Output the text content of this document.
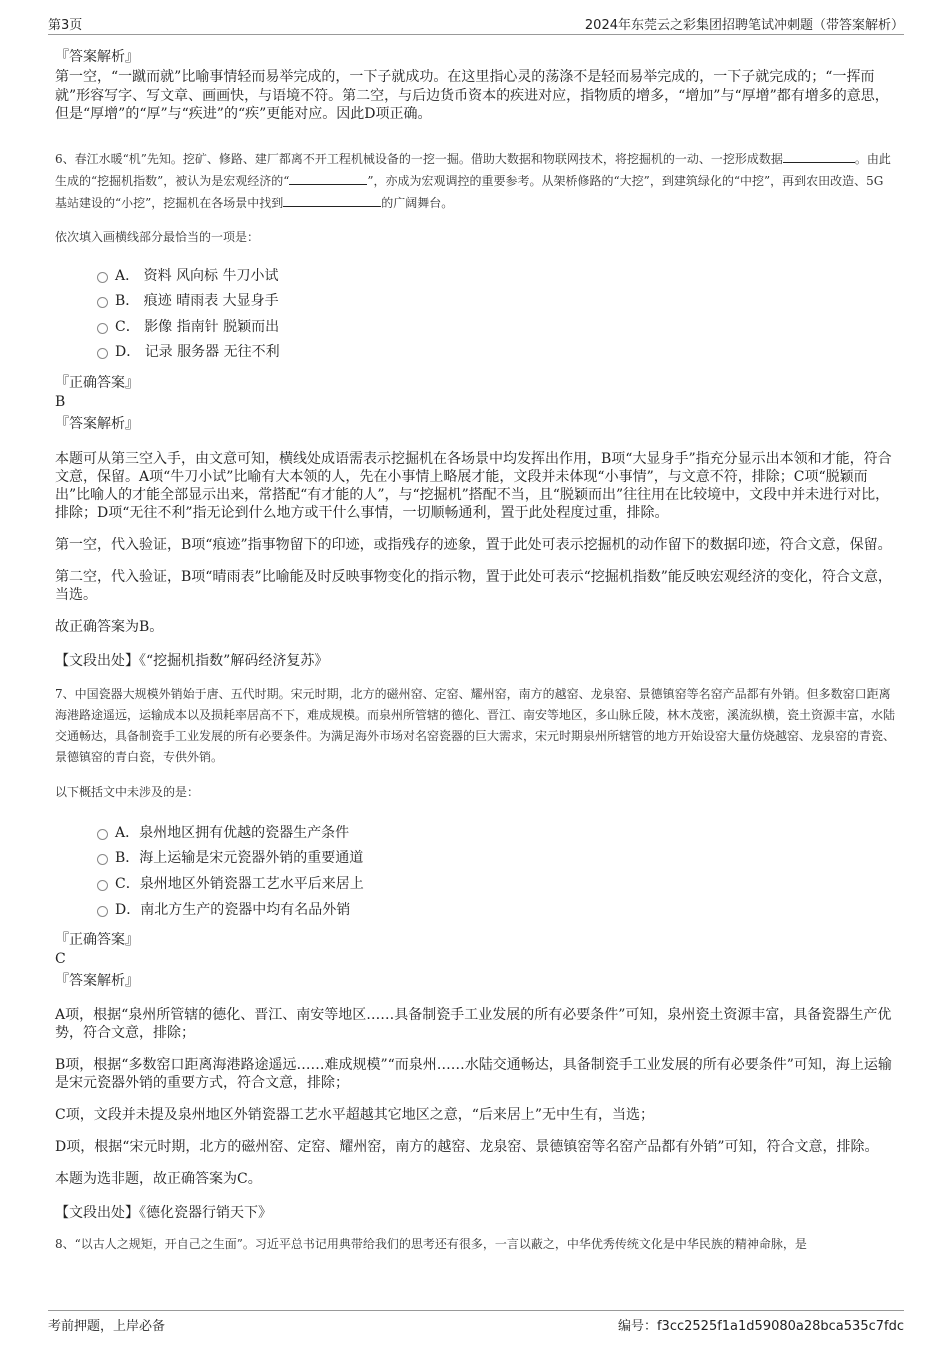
第3页	2024年东莞云之彩集团招聘笔试冲刺题（带答案解析）

『答案解析』

第一空，“一蹴而就”比喻事情轻而易举完成的，一下子就成功。在这里指心灵的荡涤不是轻而易举完成的，一下子就完成的；“一挥而就”形容写字、写文章、画画快，与语境不符。第二空，与后边货币资本的疾进对应，指物质的增多，“增加”与“厚增”都有增多的意思，但是“厚增”的“厚”与“疾进”的“疾”更能对应。因此D项正确。

6、春江水暖“机”先知。挖矿、修路、建厂都离不开工程机械设备的一挖一掘。借助大数据和物联网技术，将挖掘机的一动、一挖形成数据	。由此生成的“挖掘机指数”，被认为是宏观经济的“	”，亦成为宏观调控的重要参考。从架桥修路的“大挖”，到建筑绿化的“中挖”，再到农田改造、5G基站建设的“小挖”，挖掘机在各场景中找到	的广阔舞台。

依次填入画横线部分最恰当的一项是：

A． 资料 风向标 牛刀小试
B． 痕迹 晴雨表 大显身手
C． 影像 指南针 脱颖而出
D． 记录 服务器 无往不利

『正确答案』

B

『答案解析』

本题可从第三空入手，由文意可知，横线处成语需表示挖掘机在各场景中均发挥出作用，B项“大显身手”指充分显示出本领和才能，符合文意，保留。A项“牛刀小试”比喻有大本领的人，先在小事情上略展才能，文段并未体现“小事情”，与文意不符，排除；C项“脱颖而出”比喻人的才能全部显示出来，常搭配“有才能的人”，与“挖掘机”搭配不当，且“脱颖而出”往往用在比较境中，文段中并未进行对比，排除；D项“无往不利”指无论到什么地方或干什么事情，一切顺畅通利，置于此处程度过重，排除。

第一空，代入验证，B项“痕迹”指事物留下的印迹，或指残存的迹象，置于此处可表示挖掘机的动作留下的数据印迹，符合文意，保留。

第二空，代入验证，B项“晴雨表”比喻能及时反映事物变化的指示物，置于此处可表示“挖掘机指数”能反映宏观经济的变化，符合文意，当选。

故正确答案为B。

【文段出处】《“挖掘机指数”解码经济复苏》

7、中国瓷器大规模外销始于唐、五代时期。宋元时期，北方的磁州窑、定窑、耀州窑，南方的越窑、龙泉窑、景德镇窑等名窑产品都有外销。但多数窑口距离海港路途遥远，运输成本以及损耗率居高不下，难成规模。而泉州所管辖的德化、晋江、南安等地区，多山脉丘陵，林木茂密，溪流纵横，瓷土资源丰富，水陆交通畅达，具备制瓷手工业发展的所有必要条件。为满足海外市场对名窑瓷器的巨大需求，宋元时期泉州所辖管的地方开始设窑大量仿烧越窑、龙泉窑的青瓷、景德镇窑的青白瓷，专供外销。

以下概括文中未涉及的是：

A．泉州地区拥有优越的瓷器生产条件
B．海上运输是宋元瓷器外销的重要通道
C．泉州地区外销瓷器工艺水平后来居上
D．南北方生产的瓷器中均有名品外销

『正确答案』

C

『答案解析』

A项，根据“泉州所管辖的德化、晋江、南安等地区……具备制瓷手工业发展的所有必要条件”可知，泉州瓷土资源丰富，具备瓷器生产优势，符合文意，排除；

B项，根据“多数窑口距离海港路途遥远……难成规模”“而泉州……水陆交通畅达，具备制瓷手工业发展的所有必要条件”可知，海上运输是宋元瓷器外销的重要方式，符合文意，排除；

C项，文段并未提及泉州地区外销瓷器工艺水平超越其它地区之意，“后来居上”无中生有，当选；

D项，根据“宋元时期，北方的磁州窑、定窑、耀州窑，南方的越窑、龙泉窑、景德镇窑等名窑产品都有外销”可知，符合文意，排除。

本题为选非题，故正确答案为C。

【文段出处】《德化瓷器行销天下》

8、“以古人之规矩，开自己之生面”。习近平总书记用典带给我们的思考还有很多，一言以蔽之，中华优秀传统文化是中华民族的精神命脉，是

考前押题，上岸必备	编号：f3cc2525f1a1d59080a28bca535c7fdc
